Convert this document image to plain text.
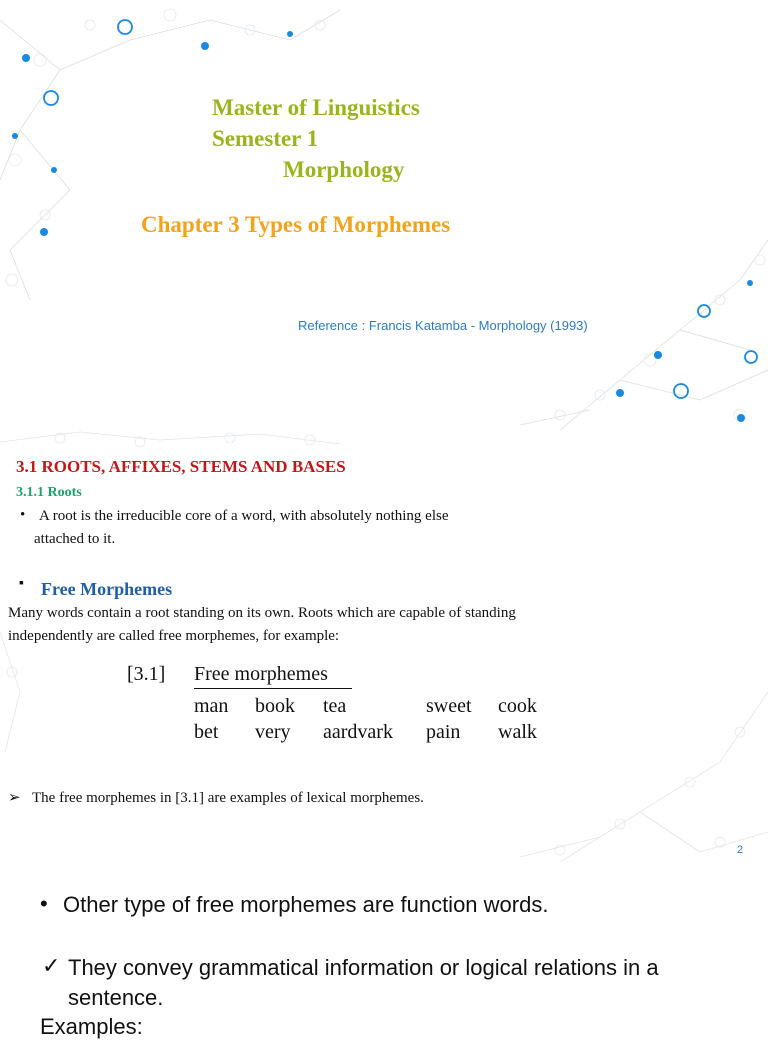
Master of Linguistics
Semester 1
Morphology
Chapter 3 Types of Morphemes
Reference : Francis Katamba - Morphology (1993)
3.1 ROOTS, AFFIXES, STEMS AND BASES
3.1.1 Roots
• A root is the irreducible core of a word, with absolutely nothing else
attached to it.
▪ Free Morphemes
Many words contain a root standing on its own. Roots which are capable of standing
independently are called free morphemes, for example:
[3.1] Free morphemes
man book tea	sweet cook
bet very aardvark pain walk
➢ The free morphemes in [3.1] are examples of lexical morphemes.
2
• Other type of free morphemes are function words.
✓ They convey grammatical information or logical relations in a
sentence.
Examples:
